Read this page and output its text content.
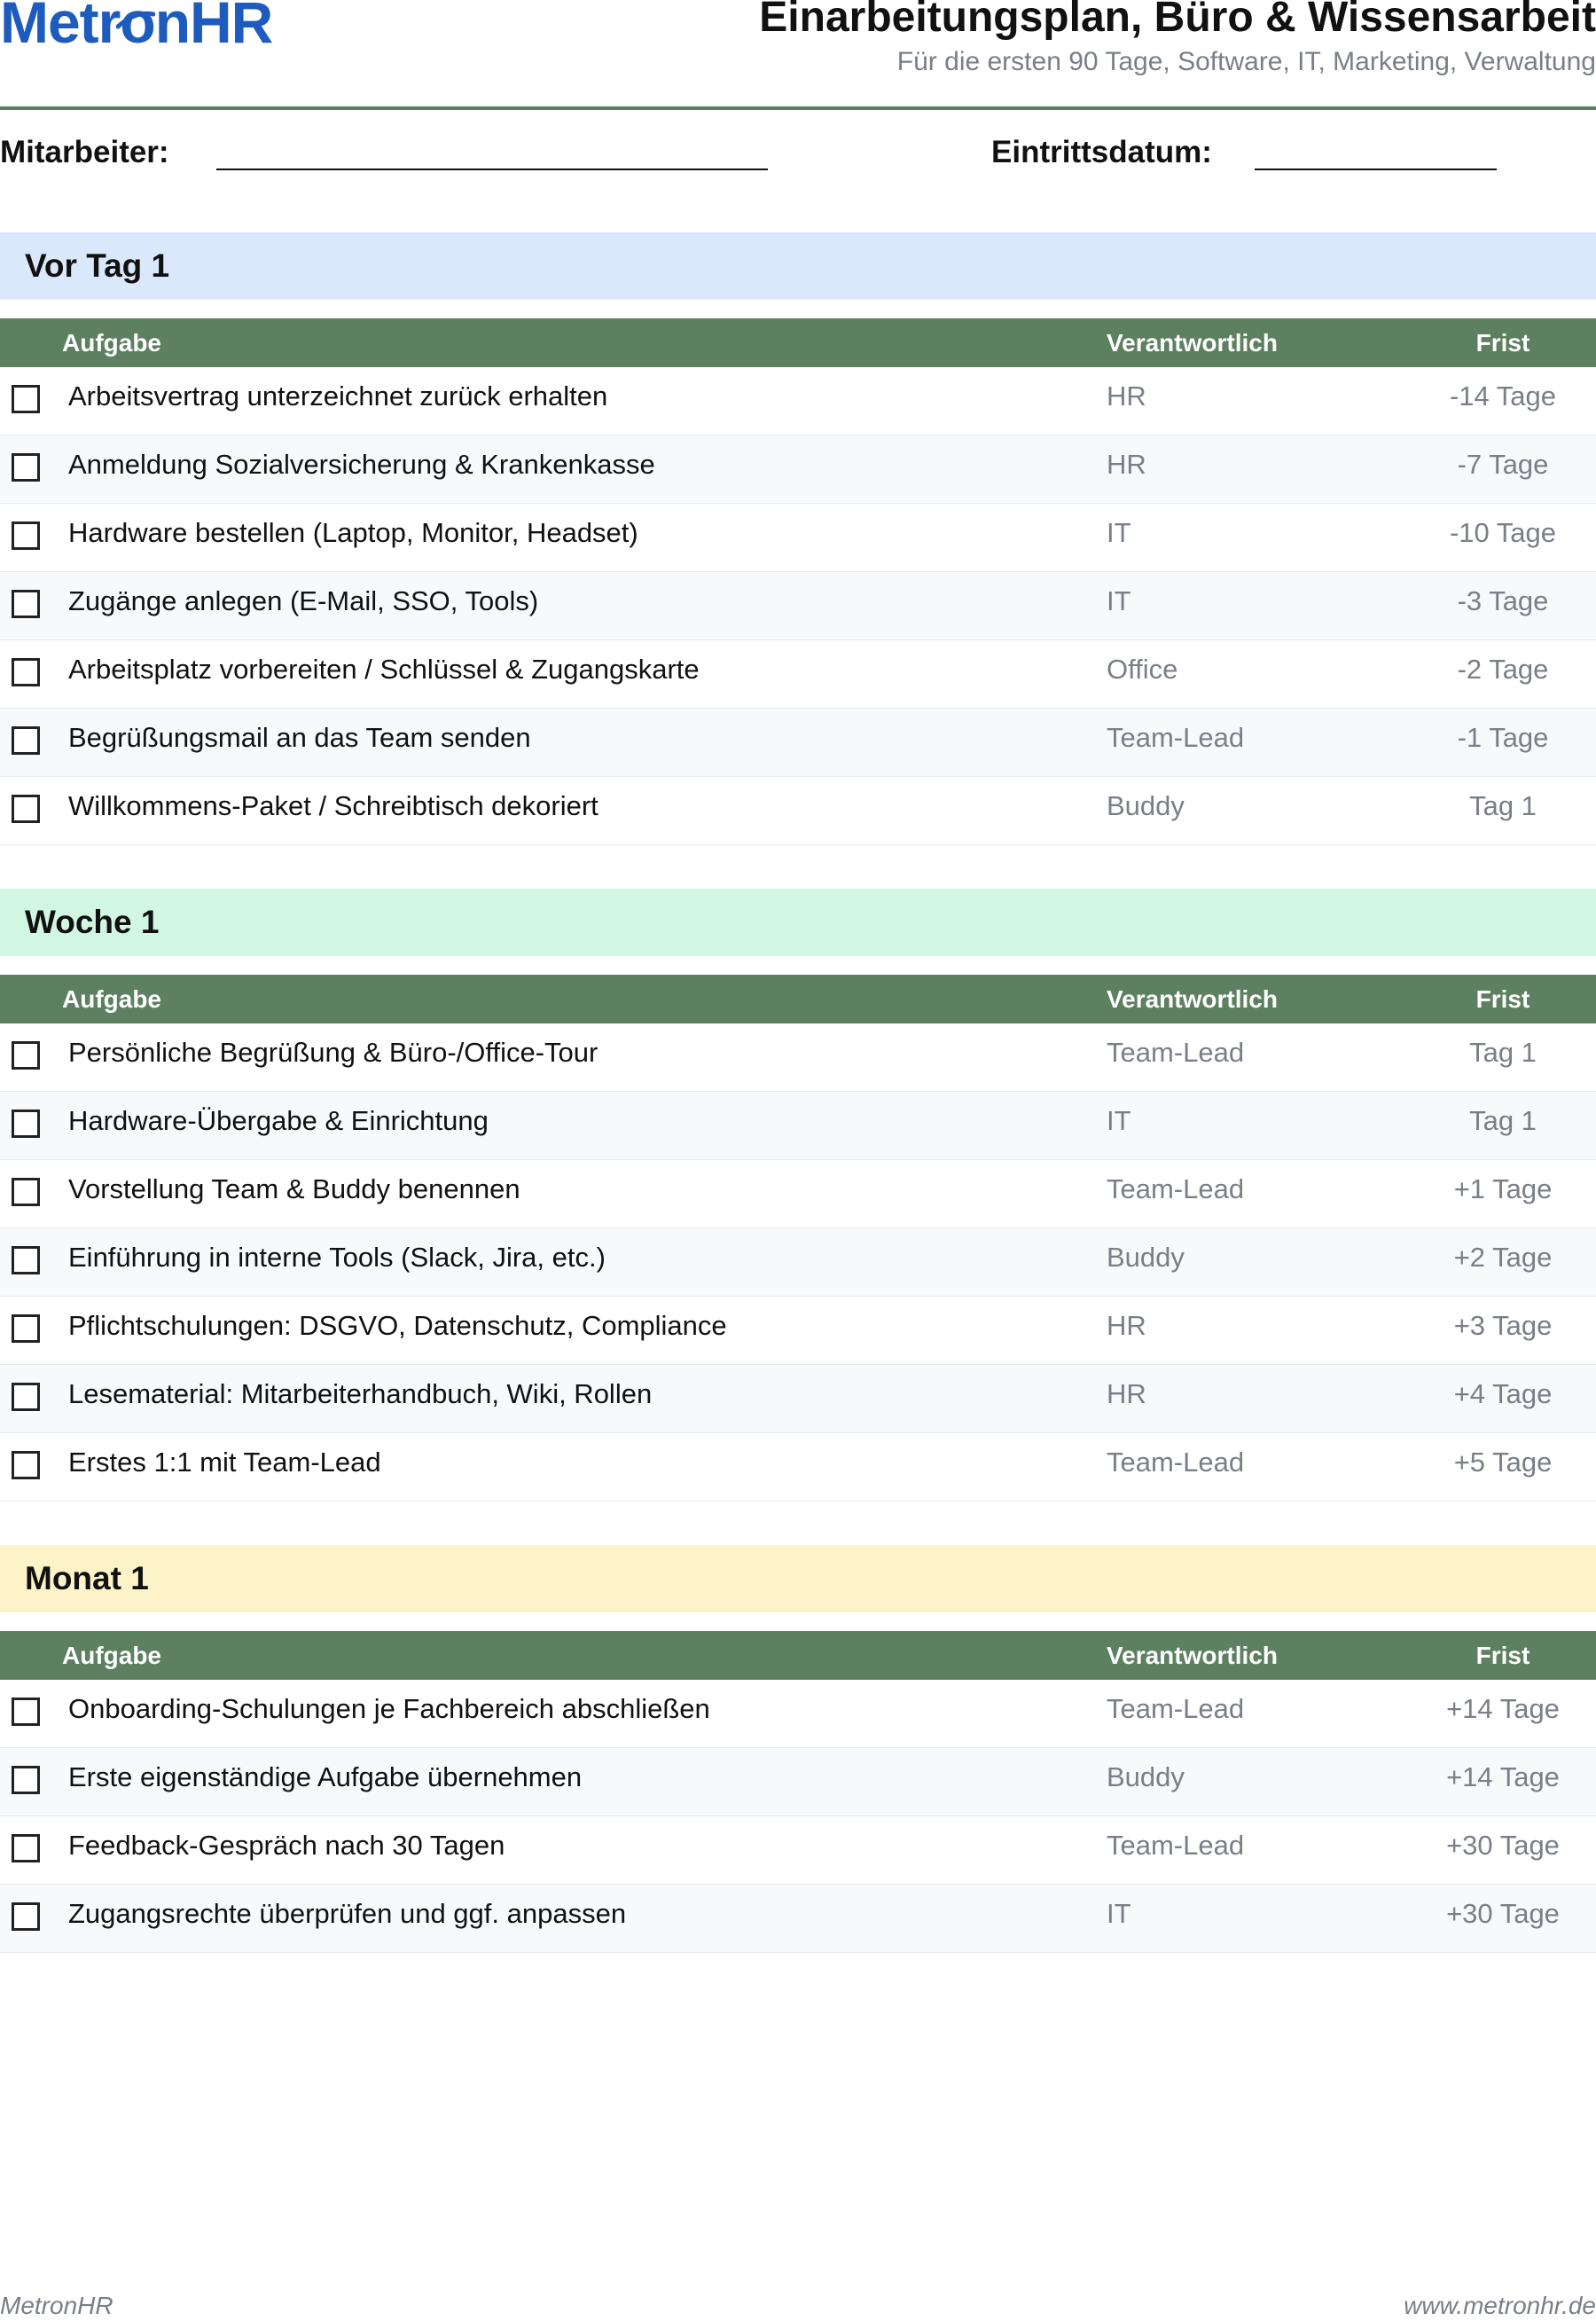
Metro
nHR	Einarbeitungsplan, Büro & Wissensarbeit
Für die ersten 90 Tage, Software, IT, Marketing, Verwaltung
Mitarbeiter:	Eintrittsdatum:
Vor Tag 1
Aufgabe	Verantwortlich	Frist
Arbeitsvertrag unterzeichnet zurück erhalten	HR	-14 Tage
Anmeldung Sozialversicherung & Krankenkasse	HR	-7 Tage
Hardware bestellen (Laptop, Monitor, Headset)	IT	-10 Tage
Zugänge anlegen (E-Mail, SSO, Tools)	IT	-3 Tage
Arbeitsplatz vorbereiten / Schlüssel & Zugangskarte	Office	-2 Tage
Begrüßungsmail an das Team senden	Team-Lead	-1 Tage
Willkommens-Paket / Schreibtisch dekoriert	Buddy	Tag 1
Woche 1
Aufgabe	Verantwortlich	Frist
Persönliche Begrüßung & Büro-/Office-Tour	Team-Lead	Tag 1
Hardware-Übergabe & Einrichtung	IT	Tag 1
Vorstellung Team & Buddy benennen	Team-Lead	+1 Tage
Einführung in interne Tools (Slack, Jira, etc.)	Buddy	+2 Tage
Pflichtschulungen: DSGVO, Datenschutz, Compliance	HR	+3 Tage
Lesematerial: Mitarbeiterhandbuch, Wiki, Rollen	HR	+4 Tage
Erstes 1:1 mit Team-Lead	Team-Lead	+5 Tage
Monat 1
Aufgabe	Verantwortlich	Frist
Onboarding-Schulungen je Fachbereich abschließen	Team-Lead	+14 Tage
Erste eigenständige Aufgabe übernehmen	Buddy	+14 Tage
Feedback-Gespräch nach 30 Tagen	Team-Lead	+30 Tage
Zugangsrechte überprüfen und ggf. anpassen	IT	+30 Tage
MetronHR	www.metronhr.de
